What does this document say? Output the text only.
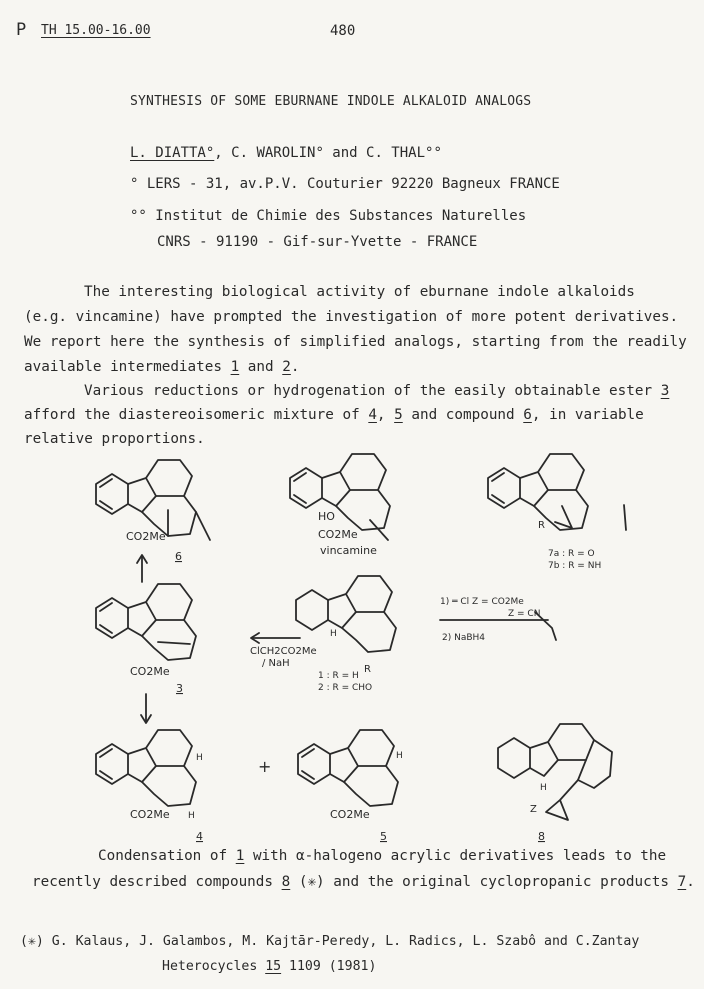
P TH 15.00-16.00	480
SYNTHESIS OF SOME EBURNANE INDOLE ALKALOID ANALOGS
L. DIATTA°, C. WAROLIN° and C. THAL°°
° LERS - 31, av.P.V. Couturier 92220 Bagneux FRANCE
°° Institut de Chimie des Substances Naturelles
CNRS - 91190 - Gif-sur-Yvette - FRANCE
The interesting biological activity of eburnane indole alkaloids
(e.g. vincamine) have prompted the investigation of more potent derivatives.
We report here the synthesis of simplified analogs, starting from the readily
available intermediates 1 and 2.
Various reductions or hydrogenation of the easily obtainable ester 3
afford the diastereoisomeric mixture of 4, 5 and compound 6, in variable
relative proportions.
CO2Me
6
HO
CO2Me
vincamine
R
7a : R = O
7b : R = NH
CO2Me
3
ClCH2CO2Me
/ NaH
H
R
1 : R = H
2 : R = CHO
1) ═ Cl Z = CO2Me
Z = CN
2) NaBH4
H
CO2Me H
4
+
H
CO2Me
5
H
Z
8
Condensation of 1 with α-halogeno acrylic derivatives leads to the
recently described compounds 8 (✳) and the original cyclopropanic products 7.
(✳) G. Kalaus, J. Galambos, M. Kajtār-Peredy, L. Radics, L. Szabô and C.Zantay
Heterocycles 15 1109 (1981)
